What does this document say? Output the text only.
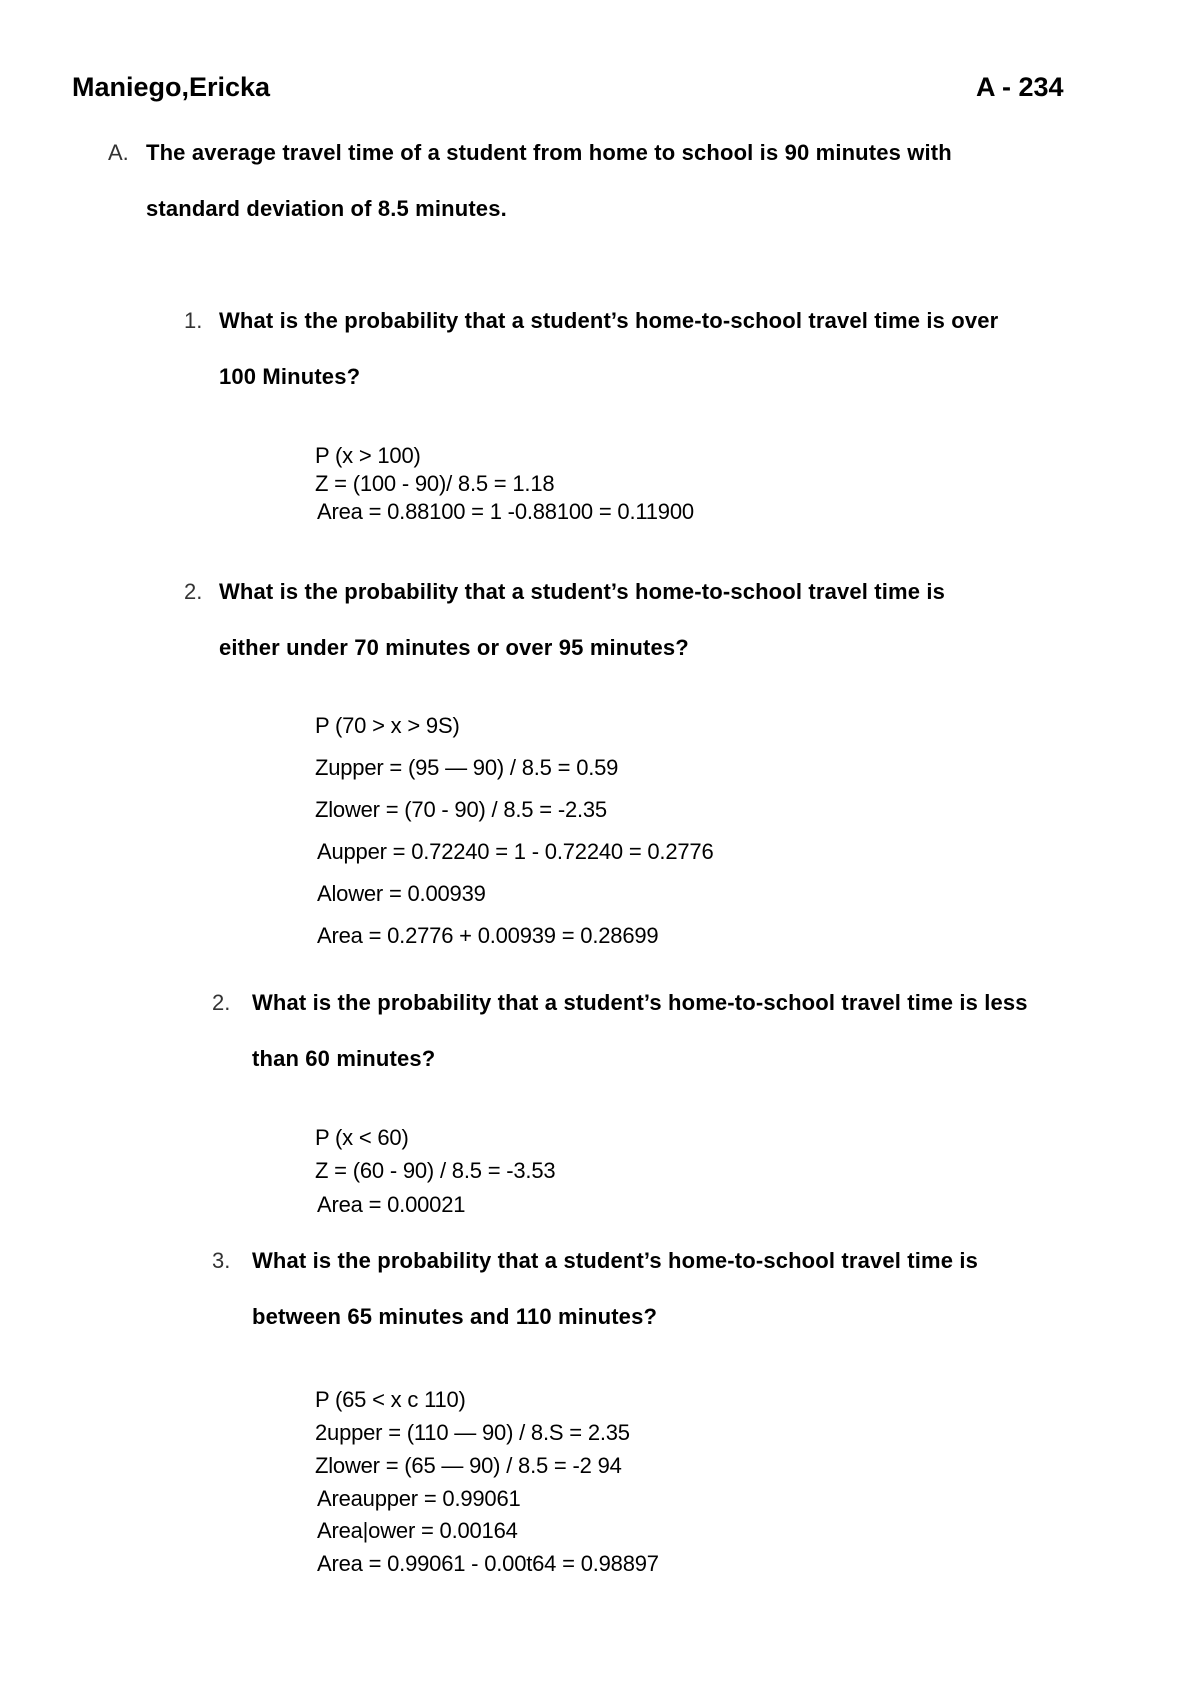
Maniego,Ericka	A - 234
A. The average travel time of a student from home to school is 90 minutes with
standard deviation of 8.5 minutes.
1. What is the probability that a student’s home-to-school travel time is over
100 Minutes?
P (x > 100)
Z = (100 - 90)/ 8.5 = 1.18
Area = 0.88100 = 1 -0.88100 = 0.11900
2. What is the probability that a student’s home-to-school travel time is
either under 70 minutes or over 95 minutes?
P (70 > x > 9S)
Zupper = (95 — 90) / 8.5 = 0.59
Zlower = (70 - 90) / 8.5 = -2.35
Aupper = 0.72240 = 1 - 0.72240 = 0.2776
Alower = 0.00939
Area = 0.2776 + 0.00939 = 0.28699
2. What is the probability that a student’s home-to-school travel time is less
than 60 minutes?
P (x < 60)
Z = (60 - 90) / 8.5 = -3.53
Area = 0.00021
3. What is the probability that a student’s home-to-school travel time is
between 65 minutes and 110 minutes?
P (65 < x c 110)
2upper = (110 — 90) / 8.S = 2.35
Zlower = (65 — 90) / 8.5 = -2 94
Areaupper = 0.99061
Area|ower = 0.00164
Area = 0.99061 - 0.00t64 = 0.98897
